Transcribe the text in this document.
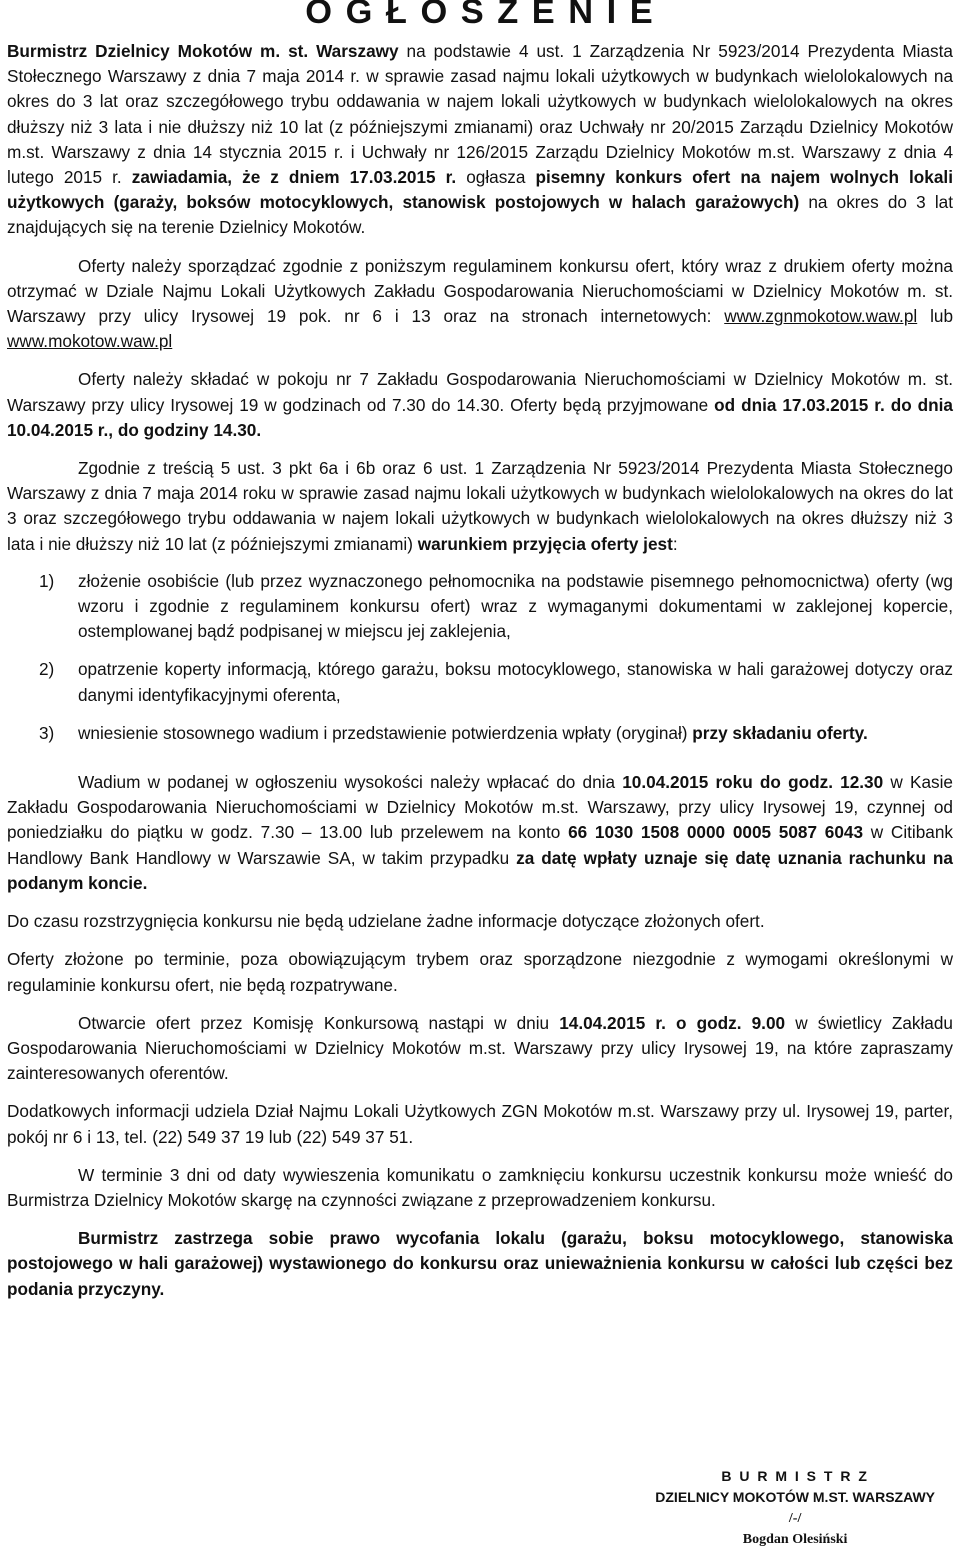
O G Ł O S Z E N I E

Burmistrz Dzielnicy Mokotów m. st. Warszawy na podstawie 4 ust. 1 Zarządzenia Nr 5923/2014 Prezydenta Miasta Stołecznego Warszawy z dnia 7 maja 2014 r. w sprawie zasad najmu lokali użytkowych w budynkach wielolokalowych na okres do 3 lat oraz szczegółowego trybu oddawania w najem lokali użytkowych w budynkach wielolokalowych na okres dłuższy niż 3 lata i nie dłuższy niż 10 lat (z późniejszymi zmianami) oraz Uchwały nr 20/2015 Zarządu Dzielnicy Mokotów m.st. Warszawy z dnia 14 stycznia 2015 r. i Uchwały nr 126/2015 Zarządu Dzielnicy Mokotów m.st. Warszawy z dnia 4 lutego 2015 r. zawiadamia, że z dniem 17.03.2015 r. ogłasza pisemny konkurs ofert na najem wolnych lokali użytkowych (garaży, boksów motocyklowych, stanowisk postojowych w halach garażowych) na okres do 3 lat znajdujących się na terenie Dzielnicy Mokotów.

Oferty należy sporządzać zgodnie z poniższym regulaminem konkursu ofert, który wraz z drukiem oferty można otrzymać w Dziale Najmu Lokali Użytkowych Zakładu Gospodarowania Nieruchomościami w Dzielnicy Mokotów m. st. Warszawy przy ulicy Irysowej 19 pok. nr 6 i 13 oraz na stronach internetowych: www.zgnmokotow.waw.pl lub www.mokotow.waw.pl

Oferty należy składać w pokoju nr 7 Zakładu Gospodarowania Nieruchomościami w Dzielnicy Mokotów m. st. Warszawy przy ulicy Irysowej 19 w godzinach od 7.30 do 14.30. Oferty będą przyjmowane od dnia 17.03.2015 r. do dnia 10.04.2015 r., do godziny 14.30.

Zgodnie z treścią 5 ust. 3 pkt 6a i 6b oraz 6 ust. 1 Zarządzenia Nr 5923/2014 Prezydenta Miasta Stołecznego Warszawy z dnia 7 maja 2014 roku w sprawie zasad najmu lokali użytkowych w budynkach wielolokalowych na okres do lat 3 oraz szczegółowego trybu oddawania w najem lokali użytkowych w budynkach wielolokalowych na okres dłuższy niż 3 lata i nie dłuższy niż 10 lat (z późniejszymi zmianami) warunkiem przyjęcia oferty jest:

1) złożenie osobiście (lub przez wyznaczonego pełnomocnika na podstawie pisemnego pełnomocnictwa) oferty (wg wzoru i zgodnie z regulaminem konkursu ofert) wraz z wymaganymi dokumentami w zaklejonej kopercie, ostemplowanej bądź podpisanej w miejscu jej zaklejenia,
2) opatrzenie koperty informacją, którego garażu, boksu motocyklowego, stanowiska w hali garażowej dotyczy oraz danymi identyfikacyjnymi oferenta,
3) wniesienie stosownego wadium i przedstawienie potwierdzenia wpłaty (oryginał) przy składaniu oferty.

Wadium w podanej w ogłoszeniu wysokości należy wpłacać do dnia 10.04.2015 roku do godz. 12.30 w Kasie Zakładu Gospodarowania Nieruchomościami w Dzielnicy Mokotów m.st. Warszawy, przy ulicy Irysowej 19, czynnej od poniedziałku do piątku w godz. 7.30 – 13.00 lub przelewem na konto 66 1030 1508 0000 0005 5087 6043 w Citibank Handlowy Bank Handlowy w Warszawie SA, w takim przypadku za datę wpłaty uznaje się datę uznania rachunku na podanym koncie.

Do czasu rozstrzygnięcia konkursu nie będą udzielane żadne informacje dotyczące złożonych ofert.

Oferty złożone po terminie, poza obowiązującym trybem oraz sporządzone niezgodnie z wymogami określonymi w regulaminie konkursu ofert, nie będą rozpatrywane.

Otwarcie ofert przez Komisję Konkursową nastąpi w dniu 14.04.2015 r. o godz. 9.00 w świetlicy Zakładu Gospodarowania Nieruchomościami w Dzielnicy Mokotów m.st. Warszawy przy ulicy Irysowej 19, na które zapraszamy zainteresowanych oferentów.

Dodatkowych informacji udziela Dział Najmu Lokali Użytkowych ZGN Mokotów m.st. Warszawy przy ul. Irysowej 19, parter, pokój nr 6 i 13, tel. (22) 549 37 19 lub (22) 549 37 51.

W terminie 3 dni od daty wywieszenia komunikatu o zamknięciu konkursu uczestnik konkursu może wnieść do Burmistrza Dzielnicy Mokotów skargę na czynności związane z przeprowadzeniem konkursu.

Burmistrz zastrzega sobie prawo wycofania lokalu (garażu, boksu motocyklowego, stanowiska postojowego w hali garażowej) wystawionego do konkursu oraz unieważnienia konkursu w całości lub części bez podania przyczyny.

B U R M I S T R Z
DZIELNICY MOKOTÓW M.ST. WARSZAWY
/-/
Bogdan Olesiński
